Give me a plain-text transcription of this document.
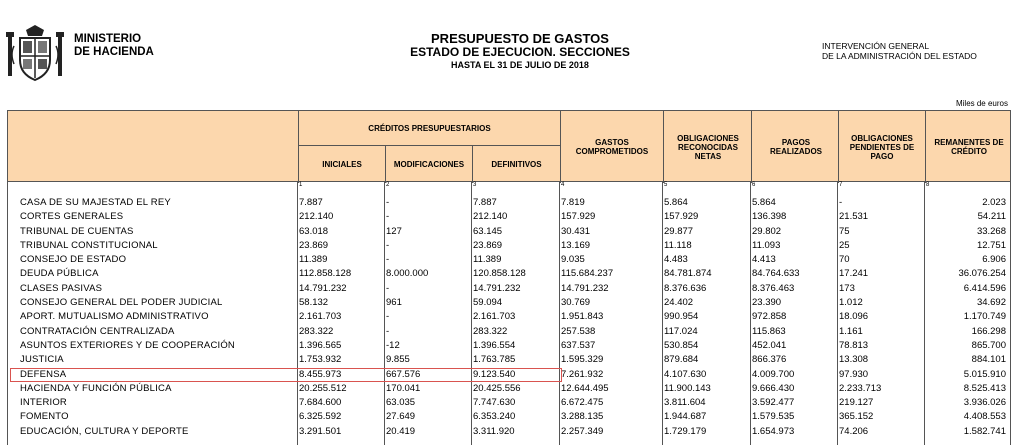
MINISTERIO
DE HACIENDA
PRESUPUESTO DE GASTOS
ESTADO DE EJECUCION. SECCIONES
HASTA EL 31 DE JULIO DE 2018
INTERVENCIÓN GENERAL
DE LA ADMINISTRACIÓN DEL ESTADO
Miles de euros
CRÉDITOS PRESUPUESTARIOS
INICIALES	MODIFICACIONES	DEFINITIVOS
GASTOS COMPROMETIDOS
OBLIGACIONES RECONOCIDAS NETAS
PAGOS REALIZADOS
OBLIGACIONES PENDIENTES DE PAGO
REMANENTES DE CRÉDITO
1	2	3	4	5	6	7	8
CASA DE SU MAJESTAD EL REY	7.887	-	7.887	7.819	5.864	5.864	-	2.023
CORTES GENERALES	212.140	-	212.140	157.929	157.929	136.398	21.531	54.211
TRIBUNAL DE CUENTAS	63.018	127	63.145	30.431	29.877	29.802	75	33.268
TRIBUNAL CONSTITUCIONAL	23.869	-	23.869	13.169	11.118	11.093	25	12.751
CONSEJO DE ESTADO	11.389	-	11.389	9.035	4.483	4.413	70	6.906
DEUDA PÚBLICA	112.858.128	8.000.000	120.858.128	115.684.237	84.781.874	84.764.633	17.241	36.076.254
CLASES PASIVAS	14.791.232	-	14.791.232	14.791.232	8.376.636	8.376.463	173	6.414.596
CONSEJO GENERAL DEL PODER JUDICIAL	58.132	961	59.094	30.769	24.402	23.390	1.012	34.692
APORT. MUTUALISMO ADMINISTRATIVO	2.161.703	-	2.161.703	1.951.843	990.954	972.858	18.096	1.170.749
CONTRATACIÓN CENTRALIZADA	283.322	-	283.322	257.538	117.024	115.863	1.161	166.298
ASUNTOS EXTERIORES Y DE COOPERACIÓN	1.396.565	-12	1.396.554	637.537	530.854	452.041	78.813	865.700
JUSTICIA	1.753.932	9.855	1.763.785	1.595.329	879.684	866.376	13.308	884.101
DEFENSA	8.455.973	667.576	9.123.540	7.261.932	4.107.630	4.009.700	97.930	5.015.910
HACIENDA Y FUNCIÓN PÚBLICA	20.255.512	170.041	20.425.556	12.644.495	11.900.143	9.666.430	2.233.713	8.525.413
INTERIOR	7.684.600	63.035	7.747.630	6.672.475	3.811.604	3.592.477	219.127	3.936.026
FOMENTO	6.325.592	27.649	6.353.240	3.288.135	1.944.687	1.579.535	365.152	4.408.553
EDUCACIÓN, CULTURA Y DEPORTE	3.291.501	20.419	3.311.920	2.257.349	1.729.179	1.654.973	74.206	1.582.741
